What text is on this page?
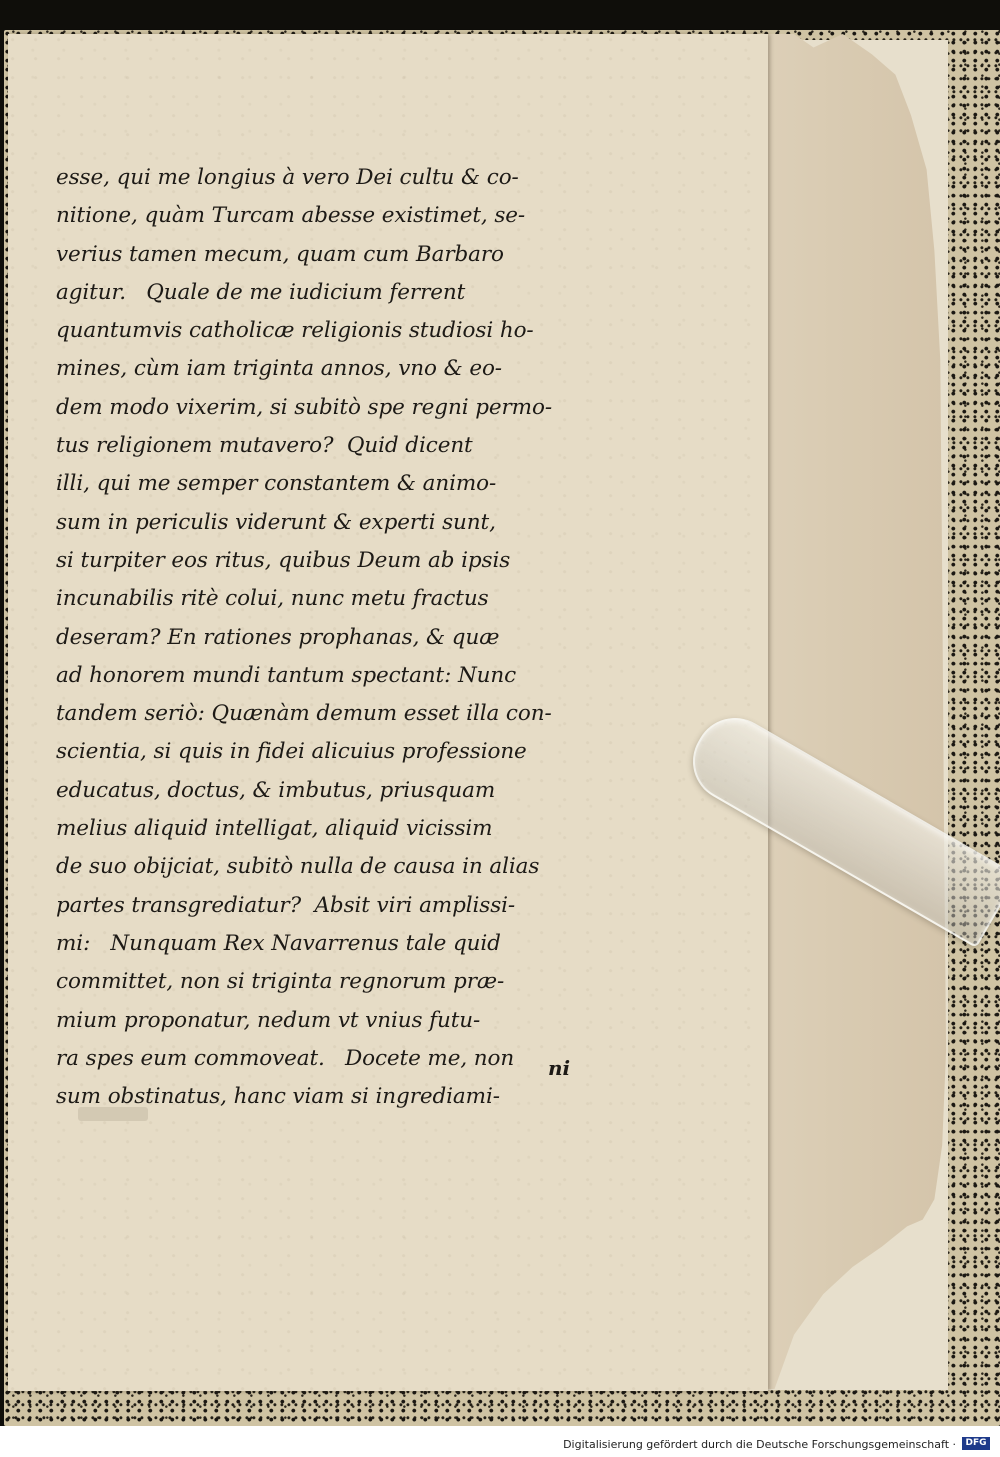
esse, qui me longius à vero Dei cultu & co-
nitione, quàm Turcam abesse existimet, se-
verius tamen mecum, quam cum Barbaro
agitur.   Quale de me iudicium ferrent
quantumvis catholicæ religionis studiosi ho-
mines, cùm iam triginta annos, vno & eo-
dem modo vixerim, si subitò spe regni permo-
tus religionem mutavero?  Quid dicent
illi, qui me semper constantem & animo-
sum in periculis viderunt & experti sunt,
si turpiter eos ritus, quibus Deum ab ipsis
incunabilis ritè colui, nunc metu fractus
deseram? En rationes prophanas, & quæ
ad honorem mundi tantum spectant: Nunc
tandem seriò: Quænàm demum esset illa con-
scientia, si quis in fidei alicuius professione
educatus, doctus, & imbutus, priusquam
melius aliquid intelligat, aliquid vicissim
de suo obijciat, subitò nulla de causa in alias
partes transgrediatur?  Absit viri amplissi-
mi:   Nunquam Rex Navarrenus tale quid
committet, non si triginta regnorum præ-
mium proponatur, nedum vt vnius futu-
ra spes eum commoveat.   Docete me, non
sum obstinatus, hanc viam si ingrediami-
ni
Digitalisierung gefördert durch die Deutsche Forschungsgemeinschaft ·	DFG
